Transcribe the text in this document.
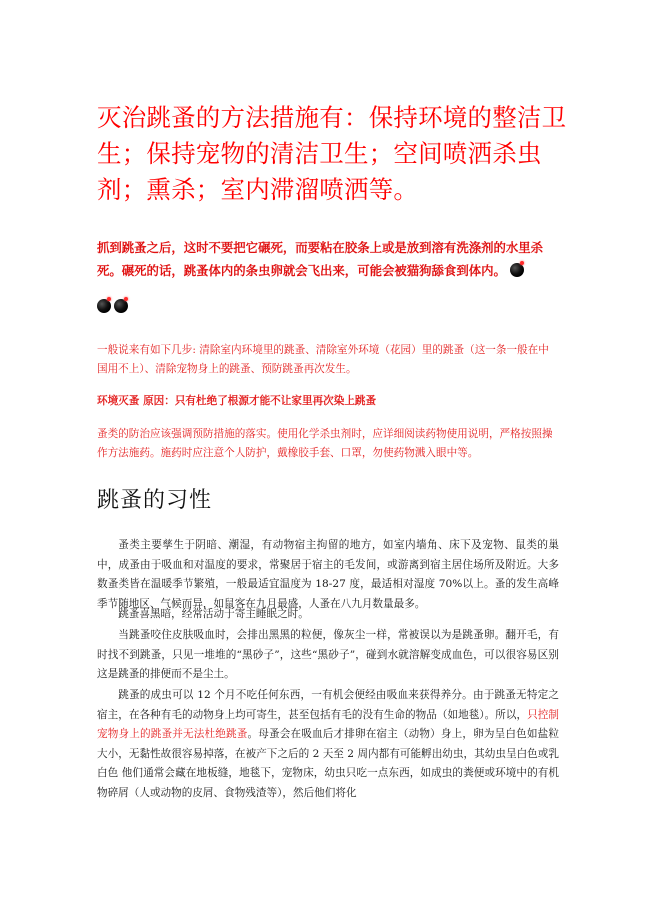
灭治跳蚤的方法措施有：保持环境的整洁卫生；保持宠物的清洁卫生；空间喷洒杀虫剂；熏杀；室内滞溜喷洒等。
抓到跳蚤之后，这时不要把它碾死，而要粘在胶条上或是放到溶有洗涤剂的水里杀死。碾死的话，跳蚤体内的条虫卵就会飞出来，可能会被猫狗舔食到体内。
一般说来有如下几步: 清除室内环境里的跳蚤、清除室外环境（花园）里的跳蚤（这一条一般在中国用不上）、清除宠物身上的跳蚤、预防跳蚤再次发生。
环境灭蚤 原因：只有杜绝了根源才能不让家里再次染上跳蚤
蚤类的防治应该强调预防措施的落实。使用化学杀虫剂时，应详细阅读药物使用说明，严格按照操作方法施药。施药时应注意个人防护，戴橡胶手套、口罩，勿使药物溅入眼中等。
跳蚤的习性

蚤类主要孳生于阴暗、潮湿，有动物宿主拘留的地方，如室内墙角、床下及宠物、鼠类的巢中，成蚤由于吸血和对温度的要求，常聚居于宿主的毛发间，或游离到宿主居住场所及附近。大多数蚤类皆在温暖季节繁殖，一般最适宜温度为 18-27 度，最适相对湿度 70%以上。蚤的发生高峰季节随地区、气候而异，如鼠客在九月最盛，人蚤在八九月数量最多。

跳蚤喜黑暗，经常活动于寄主睡眠之时。

当跳蚤咬住皮肤吸血时，会排出黑黑的粒便，像灰尘一样，常被误以为是跳蚤卵。翻开毛，有时找不到跳蚤，只见一堆堆的“黑砂子”，这些“黑砂子”，碰到水就溶解变成血色，可以很容易区别这是跳蚤的排便而不是尘土。

跳蚤的成虫可以 12 个月不吃任何东西，一有机会便经由吸血来获得养分。由于跳蚤无特定之宿主，在各种有毛的动物身上均可寄生，甚至包括有毛的没有生命的物品（如地毯）。所以，只控制宠物身上的跳蚤并无法杜绝跳蚤。母蚤会在吸血后才排卵在宿主（动物）身上，卵为呈白色如盐粒大小，无黏性故很容易掉落，在被产下之后的 2 天至 2 周内都有可能孵出幼虫，其幼虫呈白色或乳白色 他们通常会藏在地板缝，地毯下，宠物床，幼虫只吃一点东西，如成虫的粪便或环境中的有机物碎屑（人或动物的皮屑、食物残渣等），然后他们将化
